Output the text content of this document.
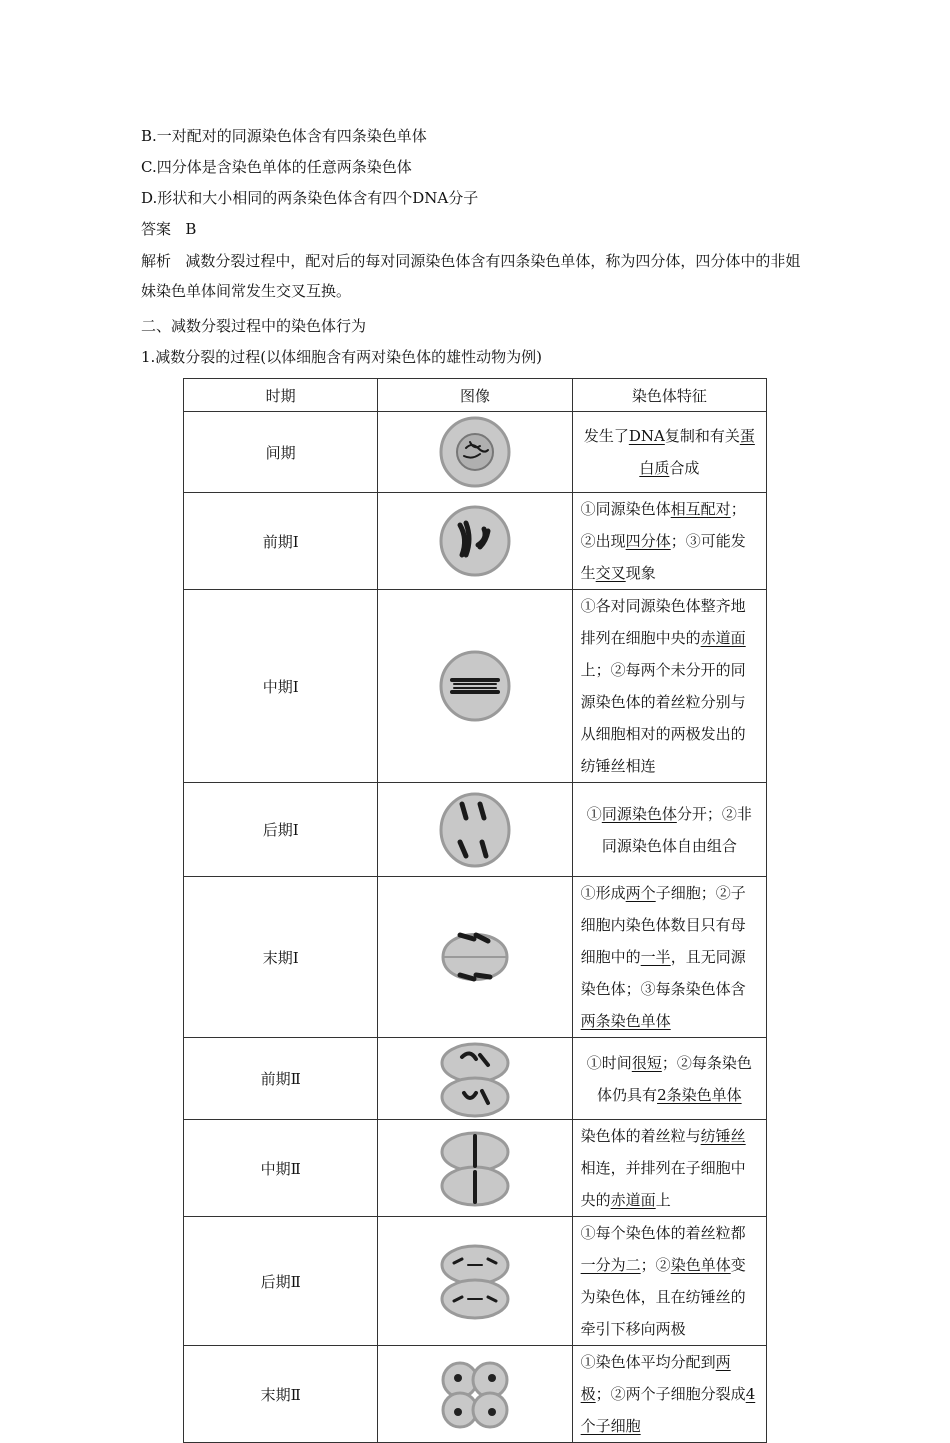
B.一对配对的同源染色体含有四条染色单体
C.四分体是含染色单体的任意两条染色体
D.形状和大小相同的两条染色体含有四个DNA分子
答案 B
解析 减数分裂过程中，配对后的每对同源染色体含有四条染色单体，称为四分体，四分体中的非姐妹染色单体间常发生交叉互换。
二、减数分裂过程中的染色体行为
1.减数分裂的过程(以体细胞含有两对染色体的雄性动物为例)
时期	图像	染色体特征
间期		发生了DNA复制和有关蛋白质合成
前期Ⅰ		①同源染色体相互配对；②出现四分体；③可能发生交叉现象
中期Ⅰ		①各对同源染色体整齐地排列在细胞中央的赤道面上；②每两个未分开的同源染色体的着丝粒分别与从细胞相对的两极发出的纺锤丝相连
后期Ⅰ		①同源染色体分开；②非同源染色体自由组合
末期Ⅰ		①形成两个子细胞；②子细胞内染色体数目只有母细胞中的一半，且无同源染色体；③每条染色体含两条染色单体
前期Ⅱ		①时间很短；②每条染色体仍具有2条染色单体
中期Ⅱ		染色体的着丝粒与纺锤丝相连，并排列在子细胞中央的赤道面上
后期Ⅱ		①每个染色体的着丝粒都一分为二；②染色单体变为染色体，且在纺锤丝的牵引下移向两极
末期Ⅱ		①染色体平均分配到两极；②两个子细胞分裂成4个子细胞
